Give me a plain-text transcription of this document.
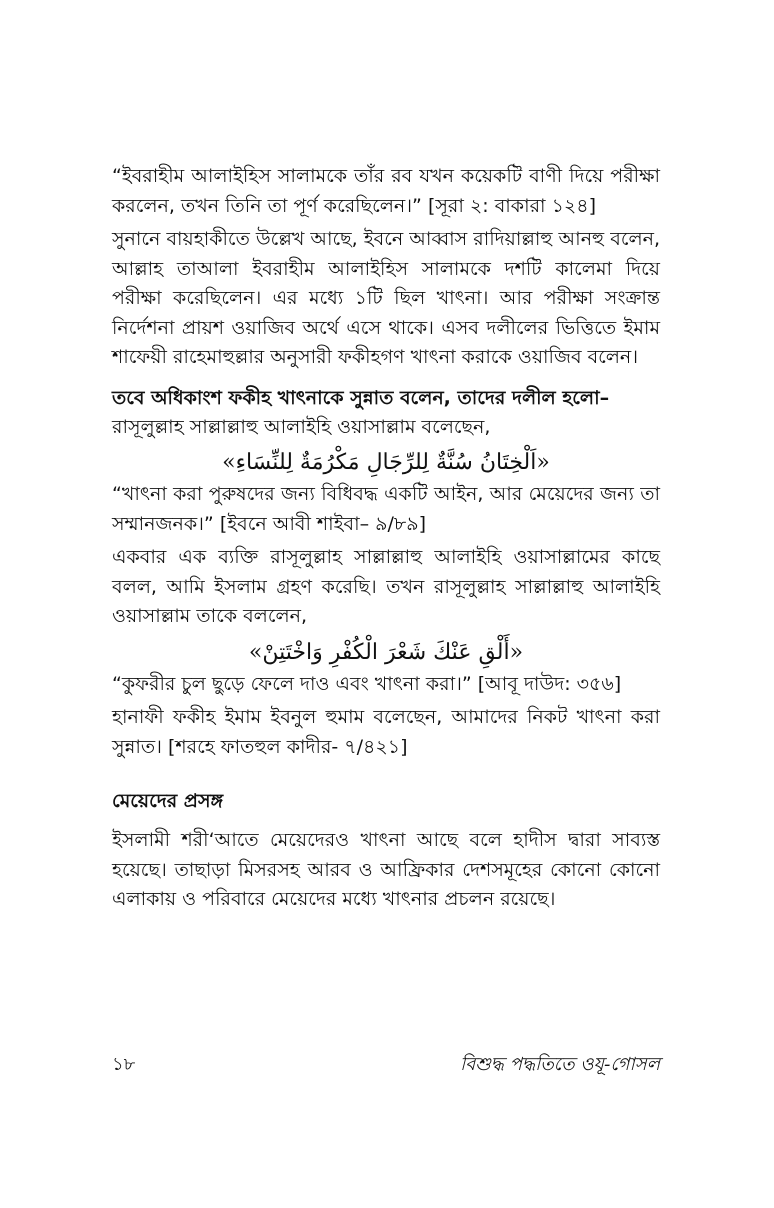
“ইবরাহীম আলাইহিস সালামকে তাঁর রব যখন কয়েকটি বাণী দিয়ে পরীক্ষা করলেন, তখন তিনি তা পূর্ণ করেছিলেন।” [সূরা ২: বাকারা ১২৪]

সুনানে বায়হাকীতে উল্লেখ আছে, ইবনে আব্বাস রাদিয়াল্লাহু আনহু বলেন, আল্লাহ তাআলা ইবরাহীম আলাইহিস সালামকে দশটি কালেমা দিয়ে পরীক্ষা করেছিলেন। এর মধ্যে ১টি ছিল খাৎনা। আর পরীক্ষা সংক্রান্ত নির্দেশনা প্রায়শ ওয়াজিব অর্থে এসে থাকে। এসব দলীলের ভিত্তিতে ইমাম শাফেয়ী রাহেমাহুল্লার অনুসারী ফকীহগণ খাৎনা করাকে ওয়াজিব বলেন।

তবে অধিকাংশ ফকীহ খাৎনাকে সুন্নাত বলেন, তাদের দলীল হলো–

রাসূলুল্লাহ সাল্লাল্লাহু আলাইহি ওয়াসাল্লাম বলেছেন,

«اَلْخِتَانُ سُنَّةٌ لِلرِّجَالِ مَكْرُمَةٌ لِلنِّسَاءِ»

“খাৎনা করা পুরুষদের জন্য বিধিবদ্ধ একটি আইন, আর মেয়েদের জন্য তা সম্মানজনক।” [ইবনে আবী শাইবা– ৯/৮৯]

একবার এক ব্যক্তি রাসূলুল্লাহ সাল্লাল্লাহু আলাইহি ওয়াসাল্লামের কাছে বলল, আমি ইসলাম গ্রহণ করেছি। তখন রাসূলুল্লাহ সাল্লাল্লাহু আলাইহি ওয়াসাল্লাম তাকে বললেন,

«أَلْقِ عَنْكَ شَعْرَ الْكُفْرِ وَاخْتَتِنْ»

“কুফরীর চুল ছুড়ে ফেলে দাও এবং খাৎনা করা।” [আবূ দাউদ: ৩৫৬]

হানাফী ফকীহ ইমাম ইবনুল হুমাম বলেছেন, আমাদের নিকট খাৎনা করা সুন্নাত। [শরহে ফাতহুল কাদীর- ৭/৪২১]

মেয়েদের প্রসঙ্গ

ইসলামী শরী‘আতে মেয়েদেরও খাৎনা আছে বলে হাদীস দ্বারা সাব্যস্ত হয়েছে। তাছাড়া মিসরসহ আরব ও আফ্রিকার দেশসমূহের কোনো কোনো এলাকায় ও পরিবারে মেয়েদের মধ্যে খাৎনার প্রচলন রয়েছে।

১৮	বিশুদ্ধ পদ্ধতিতে ওযূ-গোসল
